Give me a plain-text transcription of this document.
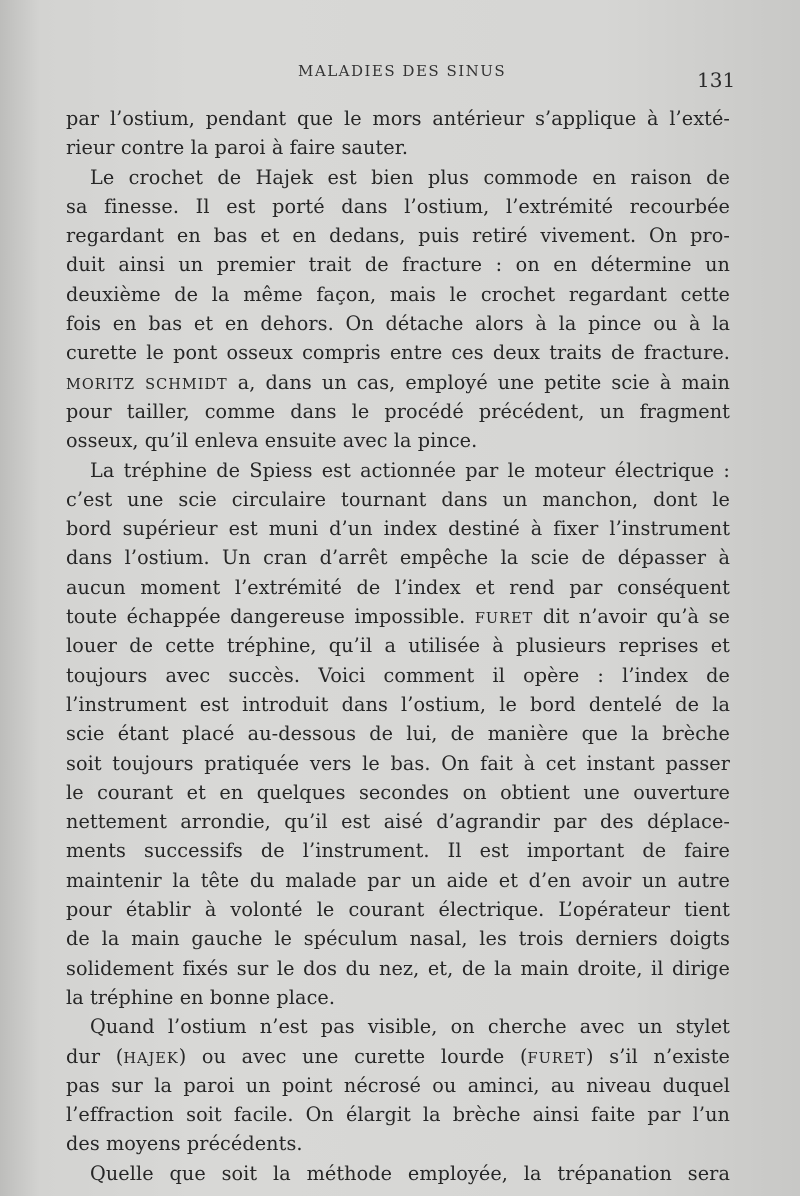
MALADIES DES SINUS	131
par l’ostium, pendant que le mors antérieur s’applique à l’exté-
rieur contre la paroi à faire sauter.
Le crochet de Hajek est bien plus commode en raison de
sa finesse. Il est porté dans l’ostium, l’extrémité recourbée
regardant en bas et en dedans, puis retiré vivement. On pro-
duit ainsi un premier trait de fracture : on en détermine un
deuxième de la même façon, mais le crochet regardant cette
fois en bas et en dehors. On détache alors à la pince ou à la
curette le pont osseux compris entre ces deux traits de fracture.
MORITZ SCHMIDT a, dans un cas, employé une petite scie à main
pour tailler, comme dans le procédé précédent, un fragment
osseux, qu’il enleva ensuite avec la pince.
La tréphine de Spiess est actionnée par le moteur électrique :
c’est une scie circulaire tournant dans un manchon, dont le
bord supérieur est muni d’un index destiné à fixer l’instrument
dans l’ostium. Un cran d’arrêt empêche la scie de dépasser à
aucun moment l’extrémité de l’index et rend par conséquent
toute échappée dangereuse impossible. FURET dit n’avoir qu’à se
louer de cette tréphine, qu’il a utilisée à plusieurs reprises et
toujours avec succès. Voici comment il opère : l’index de
l’instrument est introduit dans l’ostium, le bord dentelé de la
scie étant placé au-dessous de lui, de manière que la brèche
soit toujours pratiquée vers le bas. On fait à cet instant passer
le courant et en quelques secondes on obtient une ouverture
nettement arrondie, qu’il est aisé d’agrandir par des déplace-
ments successifs de l’instrument. Il est important de faire
maintenir la tête du malade par un aide et d’en avoir un autre
pour établir à volonté le courant électrique. L’opérateur tient
de la main gauche le spéculum nasal, les trois derniers doigts
solidement fixés sur le dos du nez, et, de la main droite, il dirige
la tréphine en bonne place.
Quand l’ostium n’est pas visible, on cherche avec un stylet
dur (HAJEK) ou avec une curette lourde (FURET) s’il n’existe
pas sur la paroi un point nécrosé ou aminci, au niveau duquel
l’effraction soit facile. On élargit la brèche ainsi faite par l’un
des moyens précédents.
Quelle que soit la méthode employée, la trépanation sera
